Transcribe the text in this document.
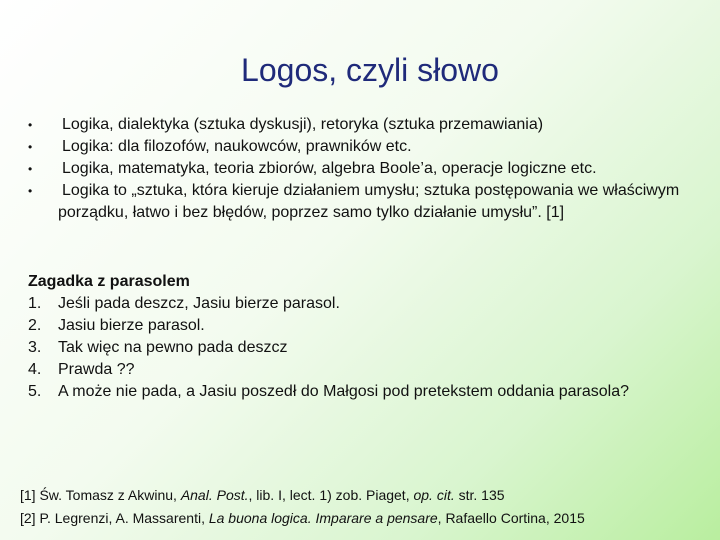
Logos, czyli słowo
• Logika, dialektyka (sztuka dyskusji), retoryka (sztuka przemawiania)
• Logika: dla filozofów, naukowców, prawników etc.
• Logika, matematyka, teoria zbiorów, algebra Boole’a, operacje logiczne etc.
• Logika to „sztuka, która kieruje działaniem umysłu; sztuka postępowania we właściwym porządku, łatwo i bez błędów, poprzez samo tylko działanie umysłu”. [1]
Zagadka z parasolem
1. Jeśli pada deszcz, Jasiu bierze parasol.
2. Jasiu bierze parasol.
3. Tak więc na pewno pada deszcz
4. Prawda ??
5. A może nie pada, a Jasiu poszedł do Małgosi pod pretekstem oddania parasola?
[1] Św. Tomasz z Akwinu, Anal. Post., lib. I, lect. 1) zob. Piaget, op. cit. str. 135
[2] P. Legrenzi, A. Massarenti, La buona logica. Imparare a pensare, Rafaello Cortina, 2015
